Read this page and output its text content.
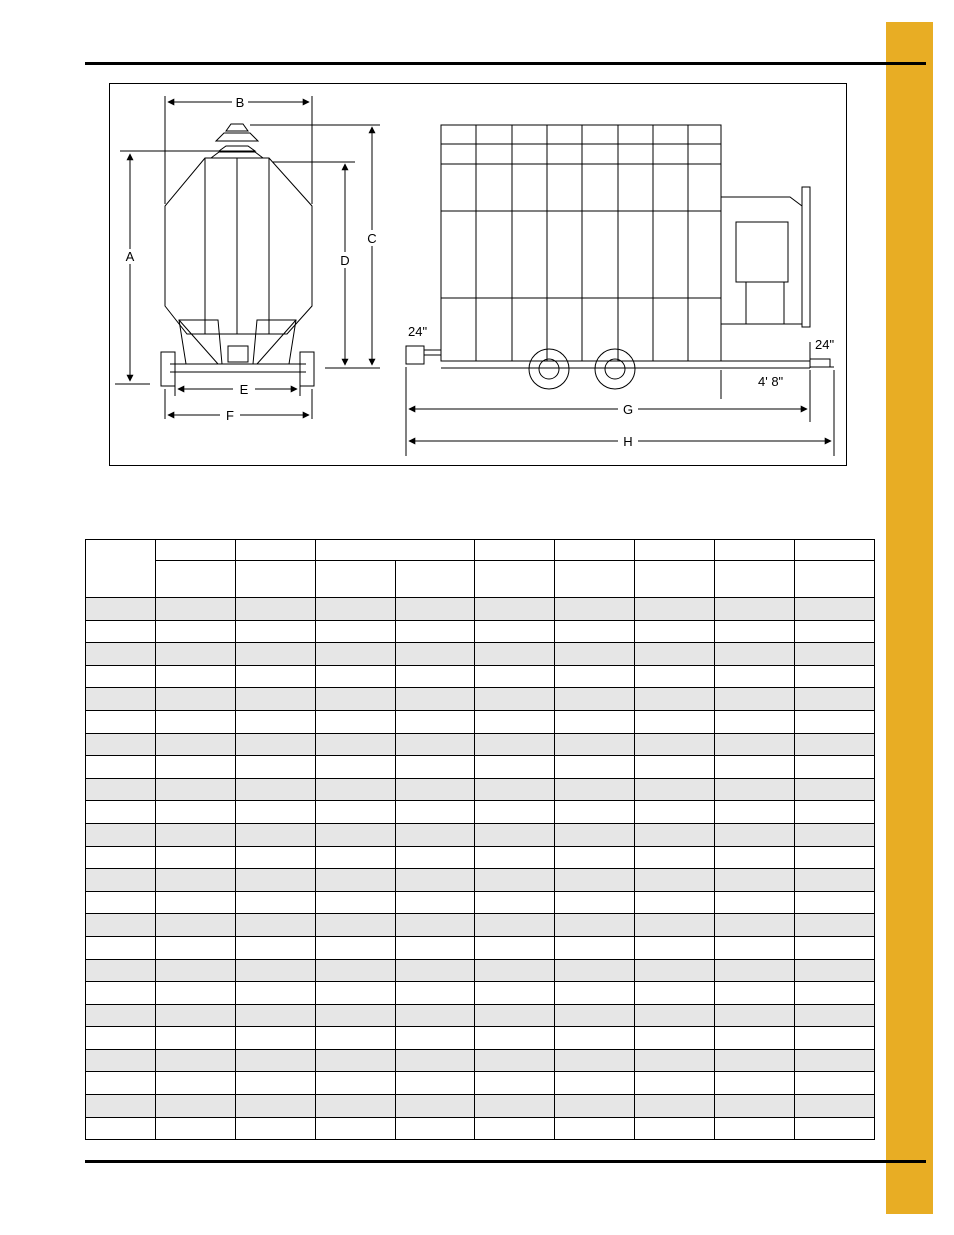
B
A
C
D
E
F	G
H
24"
24"
4' 8"
